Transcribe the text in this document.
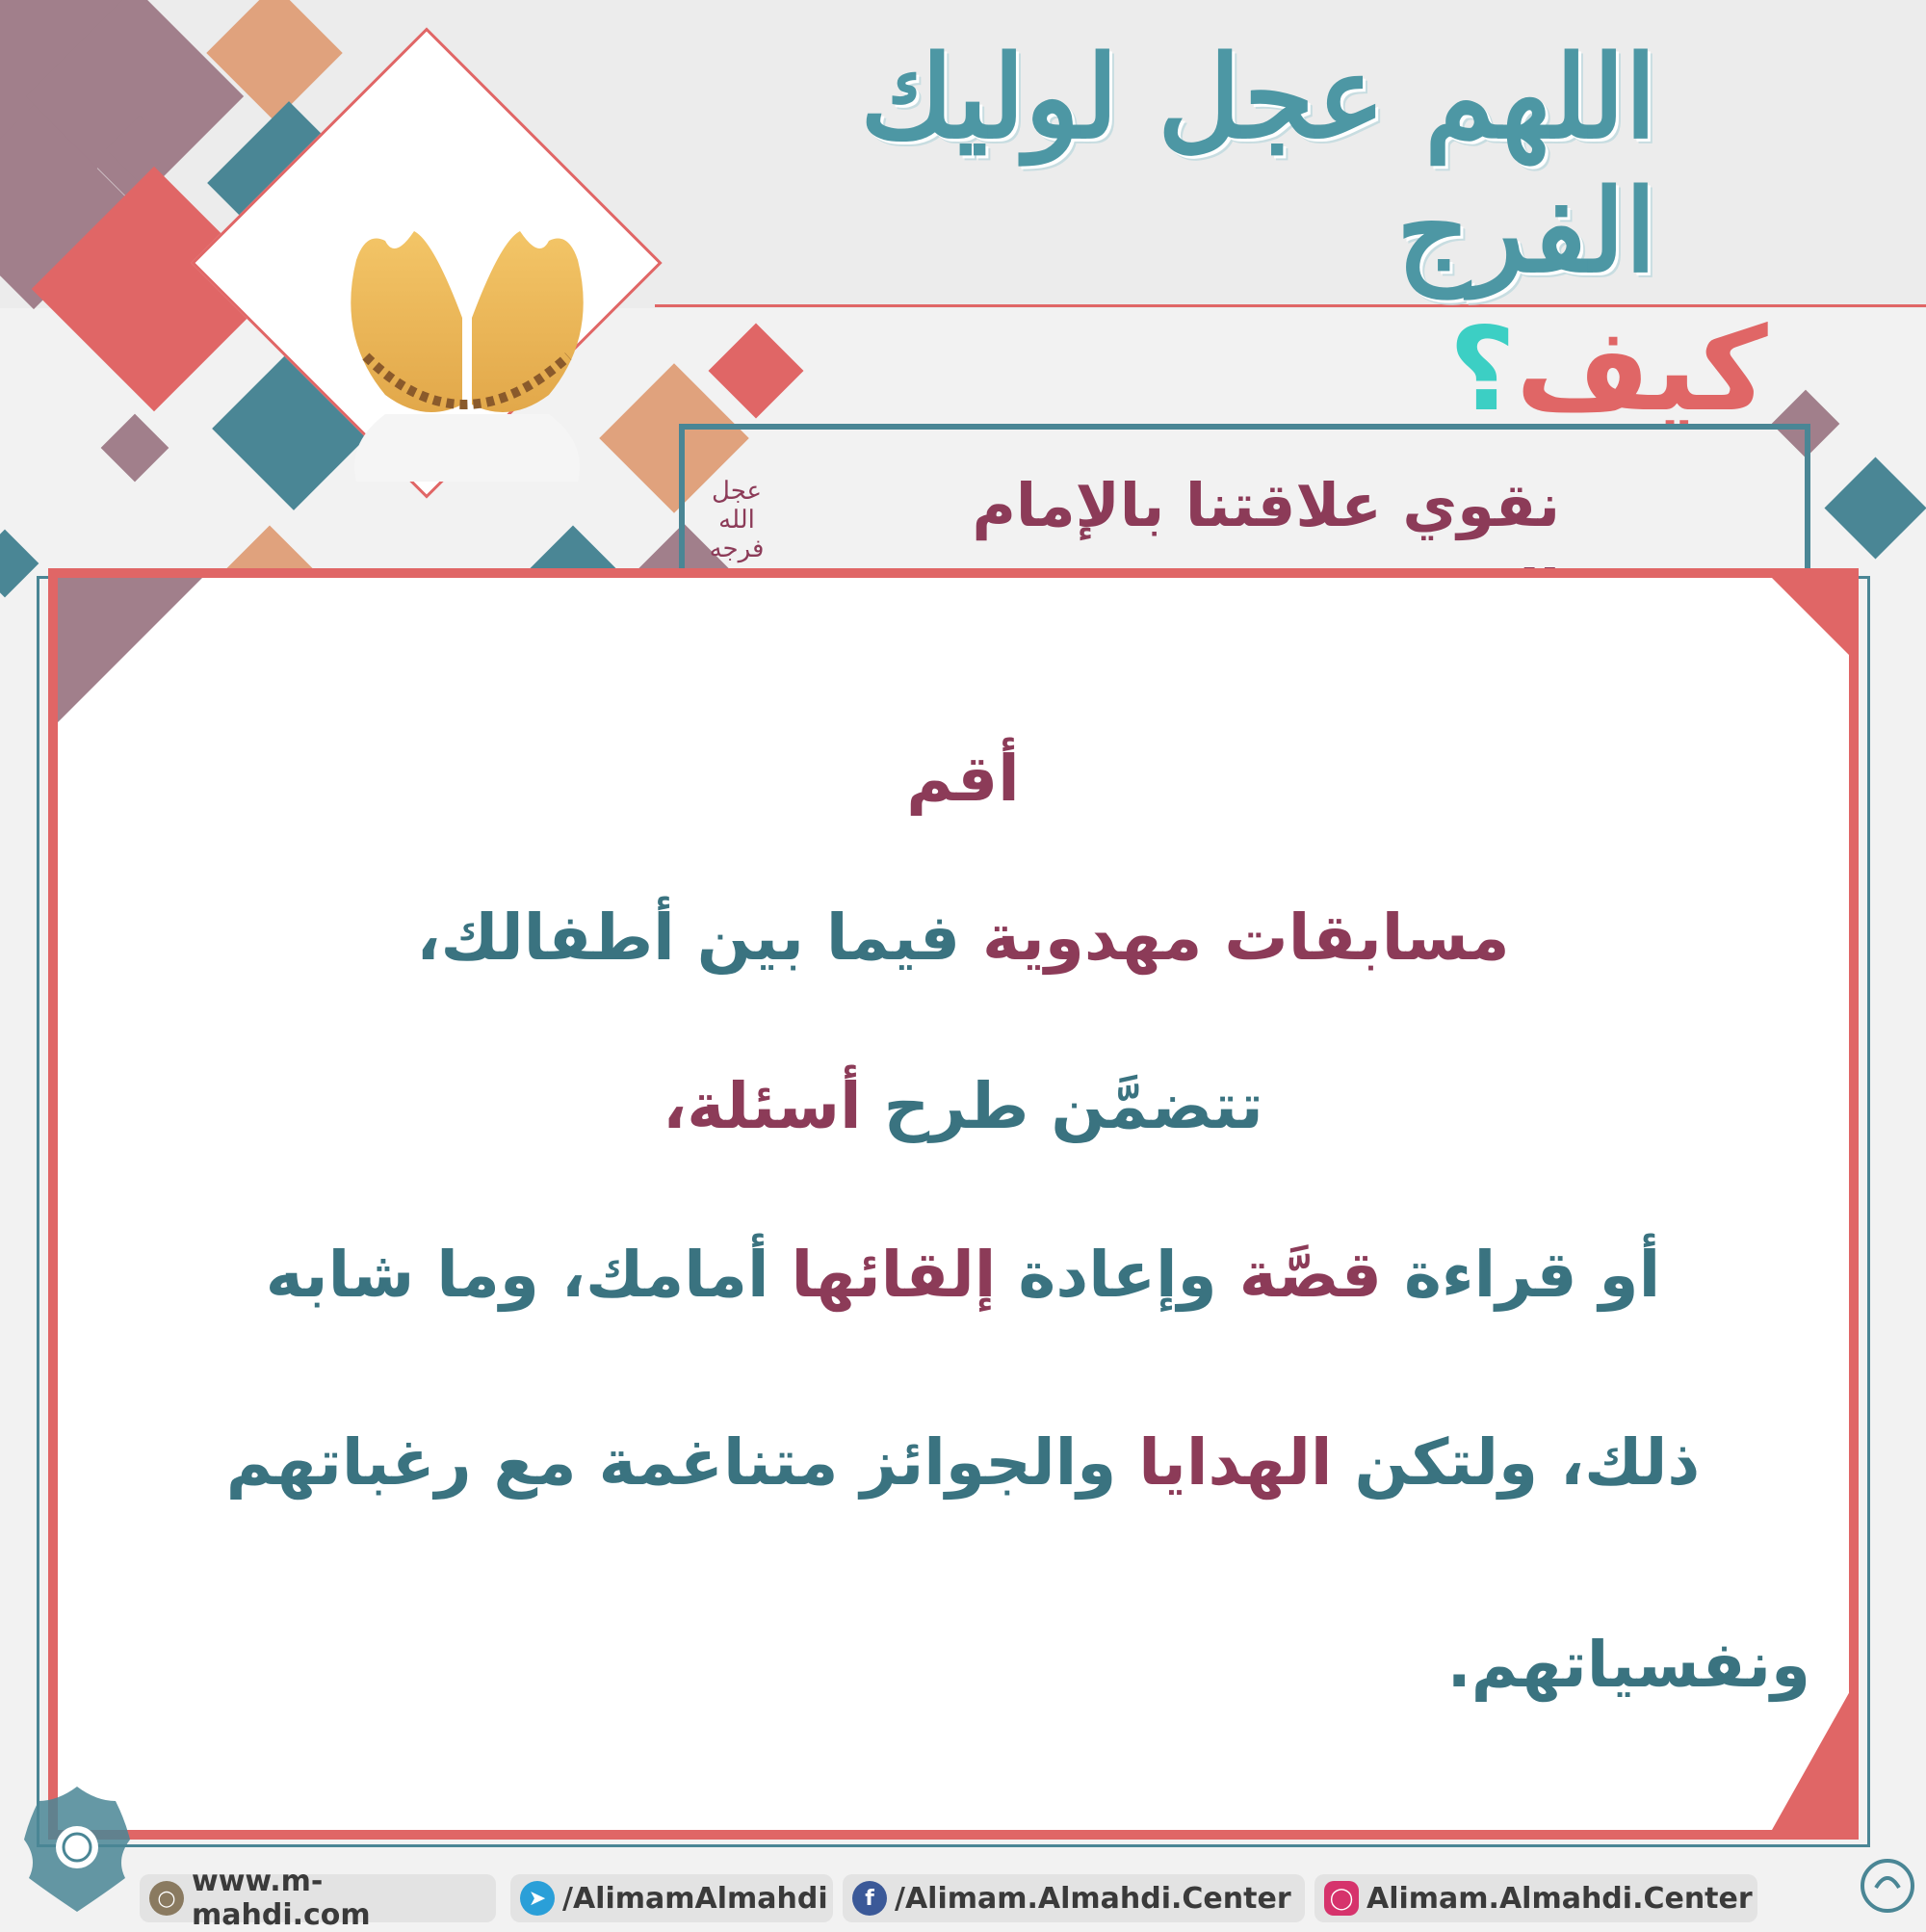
اللهم عجل لوليك الفرج
كيف؟
نقوي علاقتنا بالإمام
عجل الله فرجه
أقم
مسابقات مهدوية فيما بين أطفالك،
تتضمَّن طرح أسئلة،
أو قراءة قصَّة وإعادة إلقائها أمامك، وما شابه
ذلك، ولتكن الهدايا والجوائز متناغمة مع رغباتهم
ونفسياتهم.
○ www.m-mahdi.com	➤ /AlimamAlmahdi	f /Alimam.Almahdi.Center ◯ Alimam.Almahdi.Center
